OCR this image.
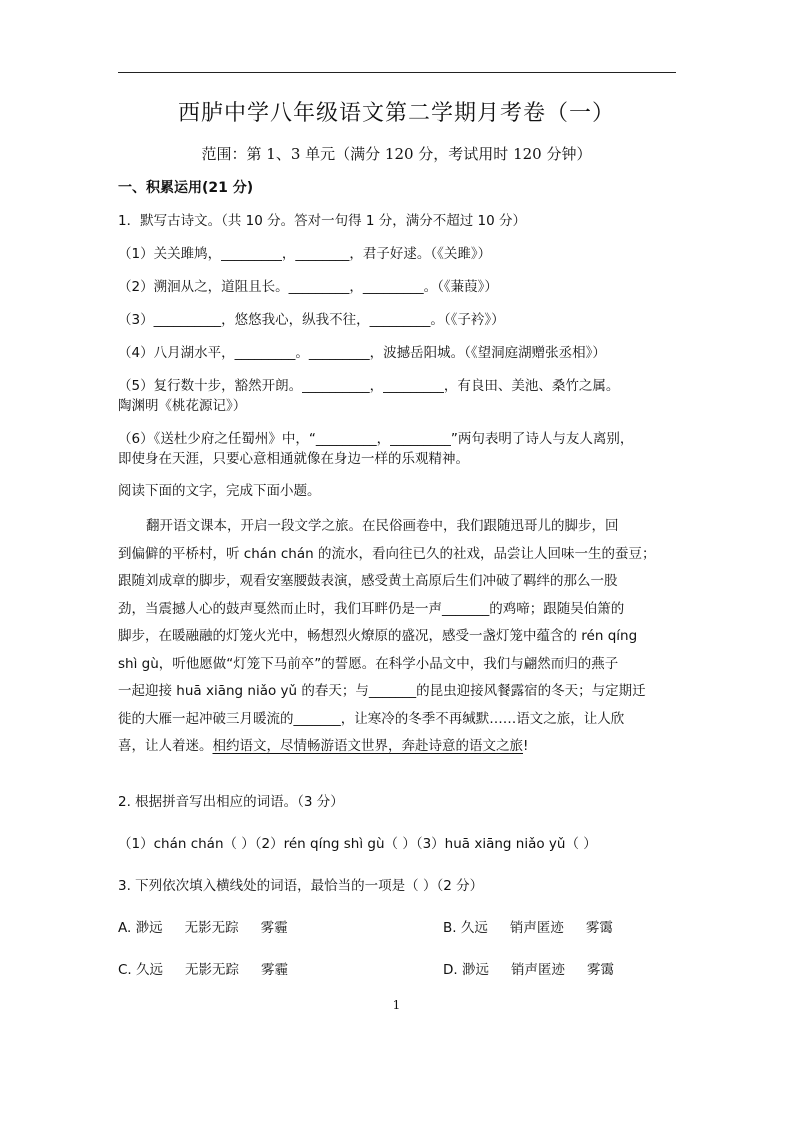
西胪中学八年级语文第二学期月考卷（一）
范围：第 1、3 单元（满分 120 分，考试用时 120 分钟）
一、积累运用(21 分)
1．默写古诗文。（共 10 分。答对一句得 1 分，满分不超过 10 分）
（1）关关雎鸠，_________，________，君子好逑。（《关雎》）
（2）溯洄从之，道阻且长。_________，_________。（《蒹葭》）
（3）__________，悠悠我心，纵我不往，_________。（《子衿》）
（4）八月湖水平，_________。_________，波撼岳阳城。（《望洞庭湖赠张丞相》）
（5）复行数十步，豁然开朗。__________，_________，有良田、美池、桑竹之属。
陶渊明《桃花源记》）
（6）《送杜少府之任蜀州》中，“_________，_________”两句表明了诗人与友人离别，
即使身在天涯，只要心意相通就像在身边一样的乐观精神。
阅读下面的文字，完成下面小题。

翻开语文课本，开启一段文学之旅。在民俗画卷中，我们跟随迅哥儿的脚步，回

到偏僻的平桥村，听 chán chán 的流水，看向往已久的社戏，品尝让人回味一生的蚕豆；

跟随刘成章的脚步，观看安塞腰鼓表演，感受黄土高原后生们冲破了羁绊的那么一股

劲，当震撼人心的鼓声戛然而止时，我们耳畔仍是一声_______的鸡啼；跟随吴伯箫的

脚步，在暖融融的灯笼火光中，畅想烈火燎原的盛况，感受一盏灯笼中蕴含的 rén qíng

shì gù，听他愿做“灯笼下马前卒”的誓愿。在科学小品文中，我们与翩然而归的燕子

一起迎接 huā xiāng niǎo yǔ 的春天；与_______的昆虫迎接风餐露宿的冬天；与定期迁

徙的大雁一起冲破三月暖流的_______，让寒冷的冬季不再缄默……语文之旅，让人欣

喜，让人着迷。相约语文，尽情畅游语文世界，奔赴诗意的语文之旅!

2. 根据拼音写出相应的词语。（3 分）
（1）chán chán（ ）（2）rén qíng shì gù（ ）（3）huā xiāng niǎo yǔ（ ）
3. 下列依次填入横线处的词语，最恰当的一项是（ ）（2 分）
A. 渺远 无影无踪 雾霾	B. 久远 销声匿迹 雾霭
C. 久远 无影无踪 雾霾	D. 渺远 销声匿迹 雾霭
1
